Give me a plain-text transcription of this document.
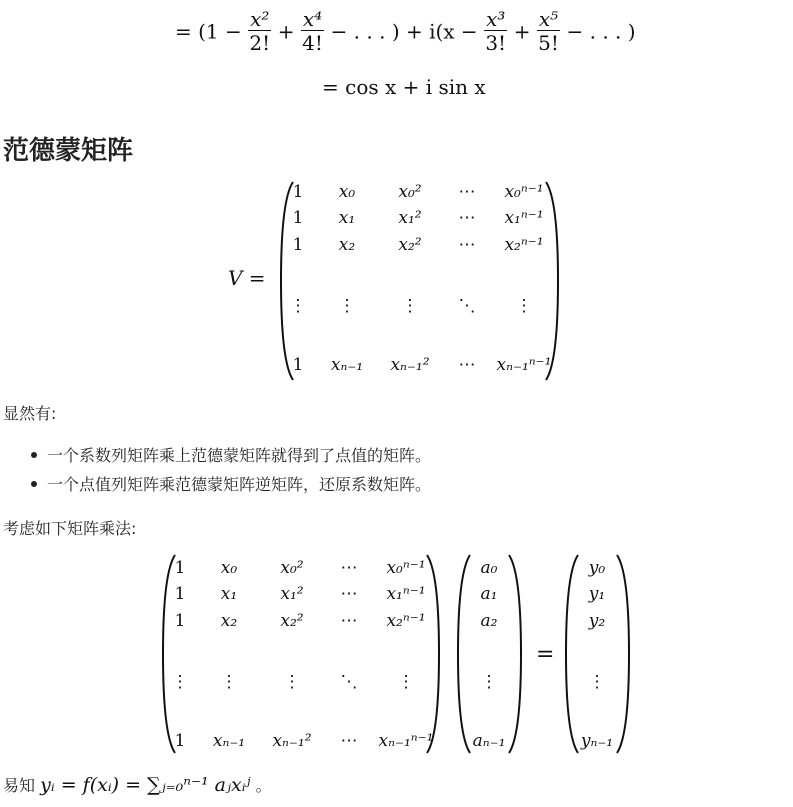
= ($1 - \frac{\text{x²}}{2!} + \frac{\text{x⁴}}{4!}$ − . . . ) + $i(x - \frac{\text{x³}}{3!} + \frac{\text{x⁵}}{5!}$ − . . . )
= cos x + i sin x
范德蒙矩阵
V =
1	x₀	x₀²	⋯	x₀ⁿ⁻¹
1	x₁	x₁²	⋯	x₁ⁿ⁻¹
1	x₂	x₂²	⋯	x₂ⁿ⁻¹
⋮	⋮	⋮	⋱	⋮
1	xₙ₋₁	xₙ₋₁²	⋯	xₙ₋₁ⁿ⁻¹
显然有:
一个系数列矩阵乘上范德蒙矩阵就得到了点值的矩阵。
一个点值列矩阵乘范德蒙矩阵逆矩阵，还原系数矩阵。
考虑如下矩阵乘法:
=
1	x₀	x₀²	⋯	x₀ⁿ⁻¹
1	x₁	x₁²	⋯	x₁ⁿ⁻¹
1	x₂	x₂²	⋯	x₂ⁿ⁻¹
⋮	⋮	⋮	⋱	⋮
1	xₙ₋₁	xₙ₋₁²	⋯	xₙ₋₁ⁿ⁻¹
a₀
a₁
a₂
⋮
aₙ₋₁
y₀
y₁
y₂
⋮
yₙ₋₁
易知 yᵢ = f(xᵢ) = ∑ⱼ₌₀ⁿ⁻¹ aⱼxᵢʲ 。
